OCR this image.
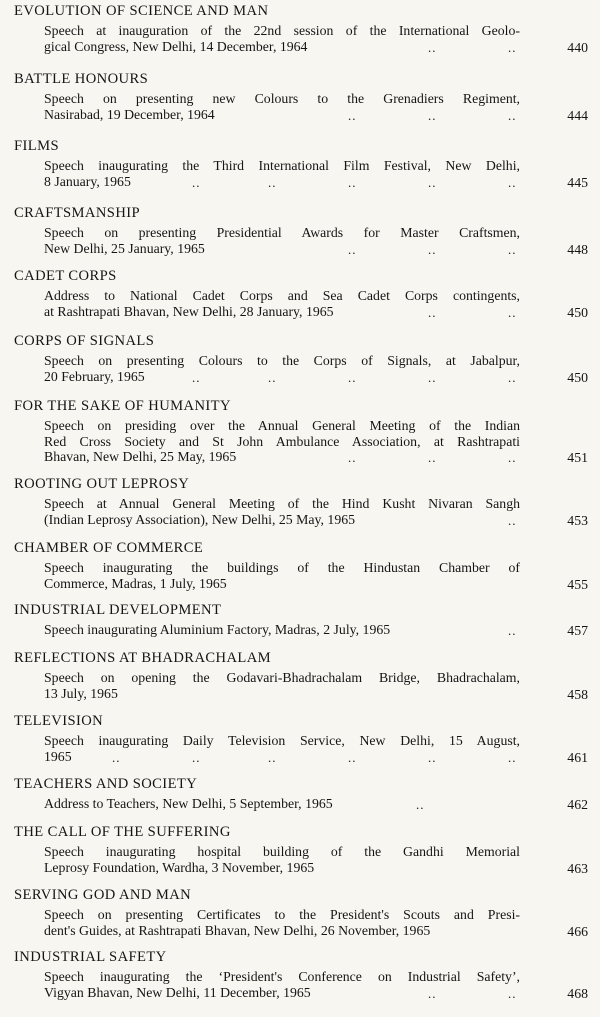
EVOLUTION OF SCIENCE AND MAN
Speech at inauguration of the 22nd session of the International Geolo-
gical Congress, New Delhi, 14 December, 1964	..	..	440
BATTLE HONOURS
Speech on presenting new Colours to the Grenadiers Regiment,
Nasirabad, 19 December, 1964	..	..	..	444
FILMS
Speech inaugurating the Third International Film Festival, New Delhi,
8 January, 1965	..	..	..	..	..	445
CRAFTSMANSHIP
Speech on presenting Presidential Awards for Master Craftsmen,
New Delhi, 25 January, 1965	..	..	..	448
CADET CORPS
Address to National Cadet Corps and Sea Cadet Corps contingents,
at Rashtrapati Bhavan, New Delhi, 28 January, 1965	..	..	450
CORPS OF SIGNALS
Speech on presenting Colours to the Corps of Signals, at Jabalpur,
20 February, 1965	..	..	..	..	..	450
FOR THE SAKE OF HUMANITY
Speech on presiding over the Annual General Meeting of the Indian
Red Cross Society and St John Ambulance Association, at Rashtrapati
Bhavan, New Delhi, 25 May, 1965	..	..	..	451
ROOTING OUT LEPROSY
Speech at Annual General Meeting of the Hind Kusht Nivaran Sangh
(Indian Leprosy Association), New Delhi, 25 May, 1965	..	453
CHAMBER OF COMMERCE
Speech inaugurating the buildings of the Hindustan Chamber of
Commerce, Madras, 1 July, 1965	455
INDUSTRIAL DEVELOPMENT
Speech inaugurating Aluminium Factory, Madras, 2 July, 1965	..	457
REFLECTIONS AT BHADRACHALAM
Speech on opening the Godavari-Bhadrachalam Bridge, Bhadrachalam,
13 July, 1965	458
TELEVISION
Speech inaugurating Daily Television Service, New Delhi, 15 August,
1965	..	..	..	..	..	..	461
TEACHERS AND SOCIETY
Address to Teachers, New Delhi, 5 September, 1965	..	462
THE CALL OF THE SUFFERING
Speech inaugurating hospital building of the Gandhi Memorial
Leprosy Foundation, Wardha, 3 November, 1965	463
SERVING GOD AND MAN
Speech on presenting Certificates to the President's Scouts and Presi-
dent's Guides, at Rashtrapati Bhavan, New Delhi, 26 November, 1965	466
INDUSTRIAL SAFETY
Speech inaugurating the ‘President's Conference on Industrial Safety’,
Vigyan Bhavan, New Delhi, 11 December, 1965	..	..	468
